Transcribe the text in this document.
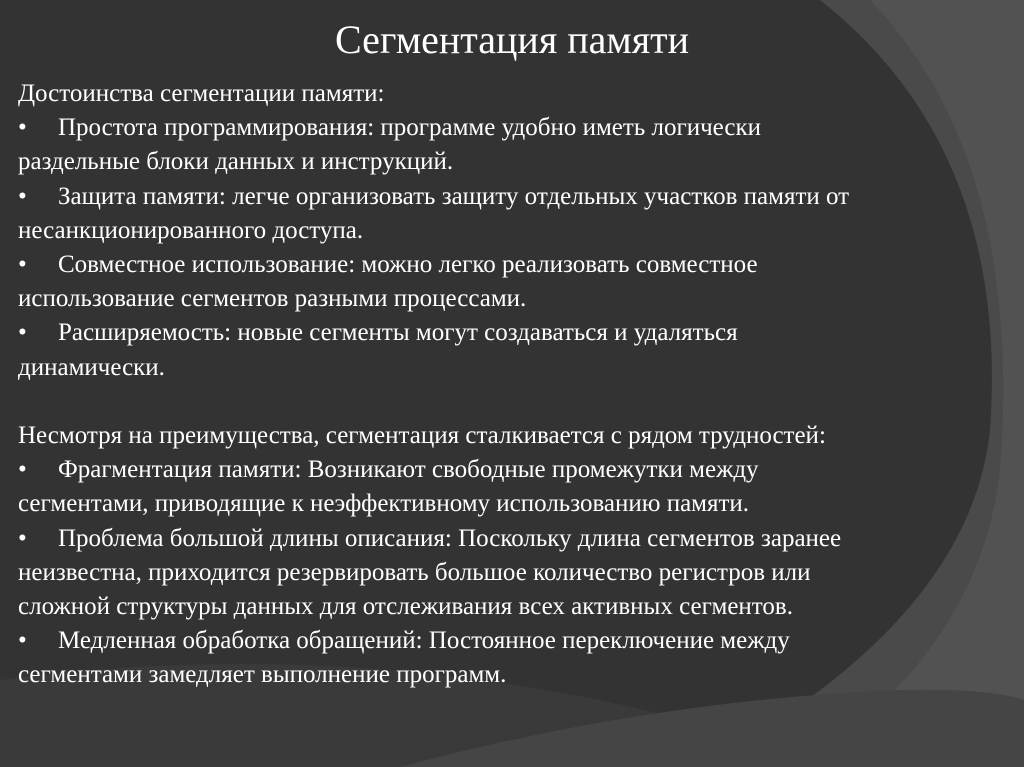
Сегментация памяти

Достоинства сегментации памяти:

• Простота программирования: программе удобно иметь логически

раздельные блоки данных и инструкций.

• Защита памяти: легче организовать защиту отдельных участков памяти от

несанкционированного доступа.

• Совместное использование: можно легко реализовать совместное

использование сегментов разными процессами.

• Расширяемость: новые сегменты могут создаваться и удаляться

динамически.

Несмотря на преимущества, сегментация сталкивается с рядом трудностей:

• Фрагментация памяти: Возникают свободные промежутки между

сегментами, приводящие к неэффективному использованию памяти.

• Проблема большой длины описания: Поскольку длина сегментов заранее

неизвестна, приходится резервировать большое количество регистров или

сложной структуры данных для отслеживания всех активных сегментов.

• Медленная обработка обращений: Постоянное переключение между

сегментами замедляет выполнение программ.
